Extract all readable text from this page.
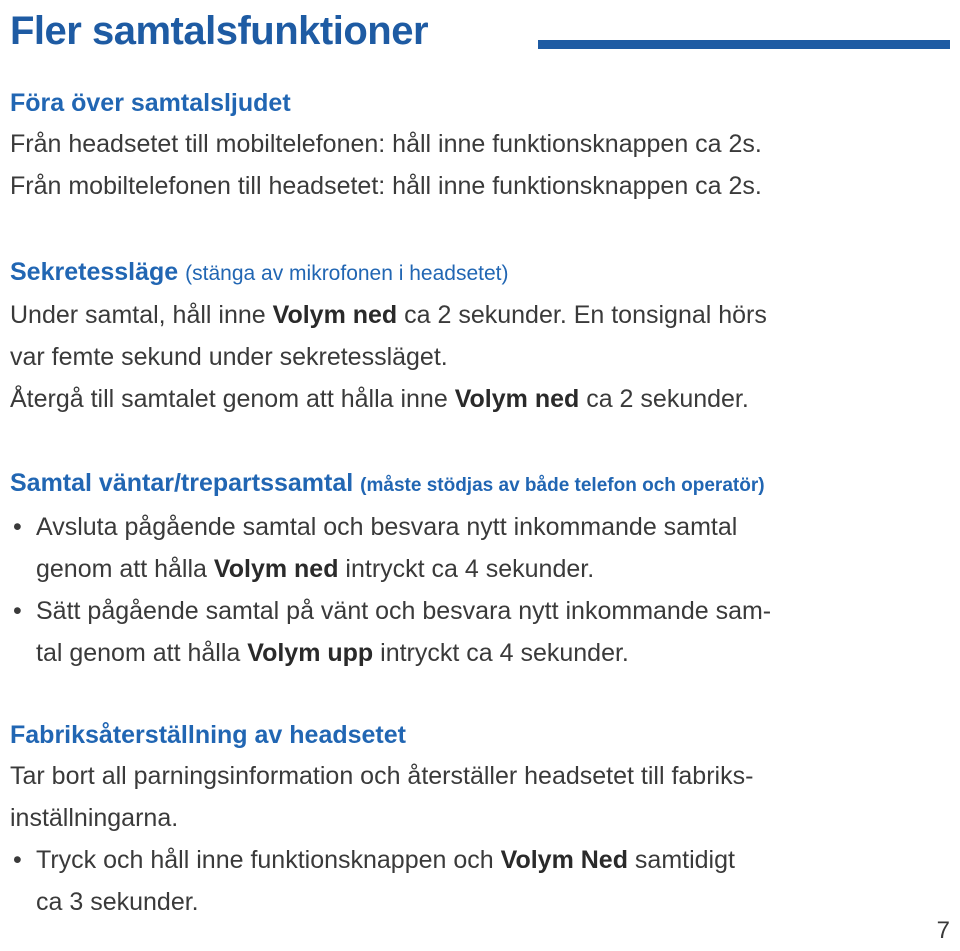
Fler samtalsfunktioner
Föra över samtalsljudet
Från headsetet till mobiltelefonen: håll inne funktionsknappen ca 2s.
Från mobiltelefonen till headsetet: håll inne funktionsknappen ca 2s.
Sekretessläge (stänga av mikrofonen i headsetet)
Under samtal, håll inne Volym ned ca 2 sekunder. En tonsignal hörs
var femte sekund under sekretessläget.
Återgå till samtalet genom att hålla inne Volym ned ca 2 sekunder.
Samtal väntar/trepartssamtal (måste stödjas av både telefon och operatör)
• Avsluta pågående samtal och besvara nytt inkommande samtal
genom att hålla Volym ned intryckt ca 4 sekunder.
• Sätt pågående samtal på vänt och besvara nytt inkommande sam-
tal genom att hålla Volym upp intryckt ca 4 sekunder.
Fabriksåterställning av headsetet
Tar bort all parningsinformation och återställer headsetet till fabriks-
inställningarna.
• Tryck och håll inne funktionsknappen och Volym Ned samtidigt
ca 3 sekunder.
7
